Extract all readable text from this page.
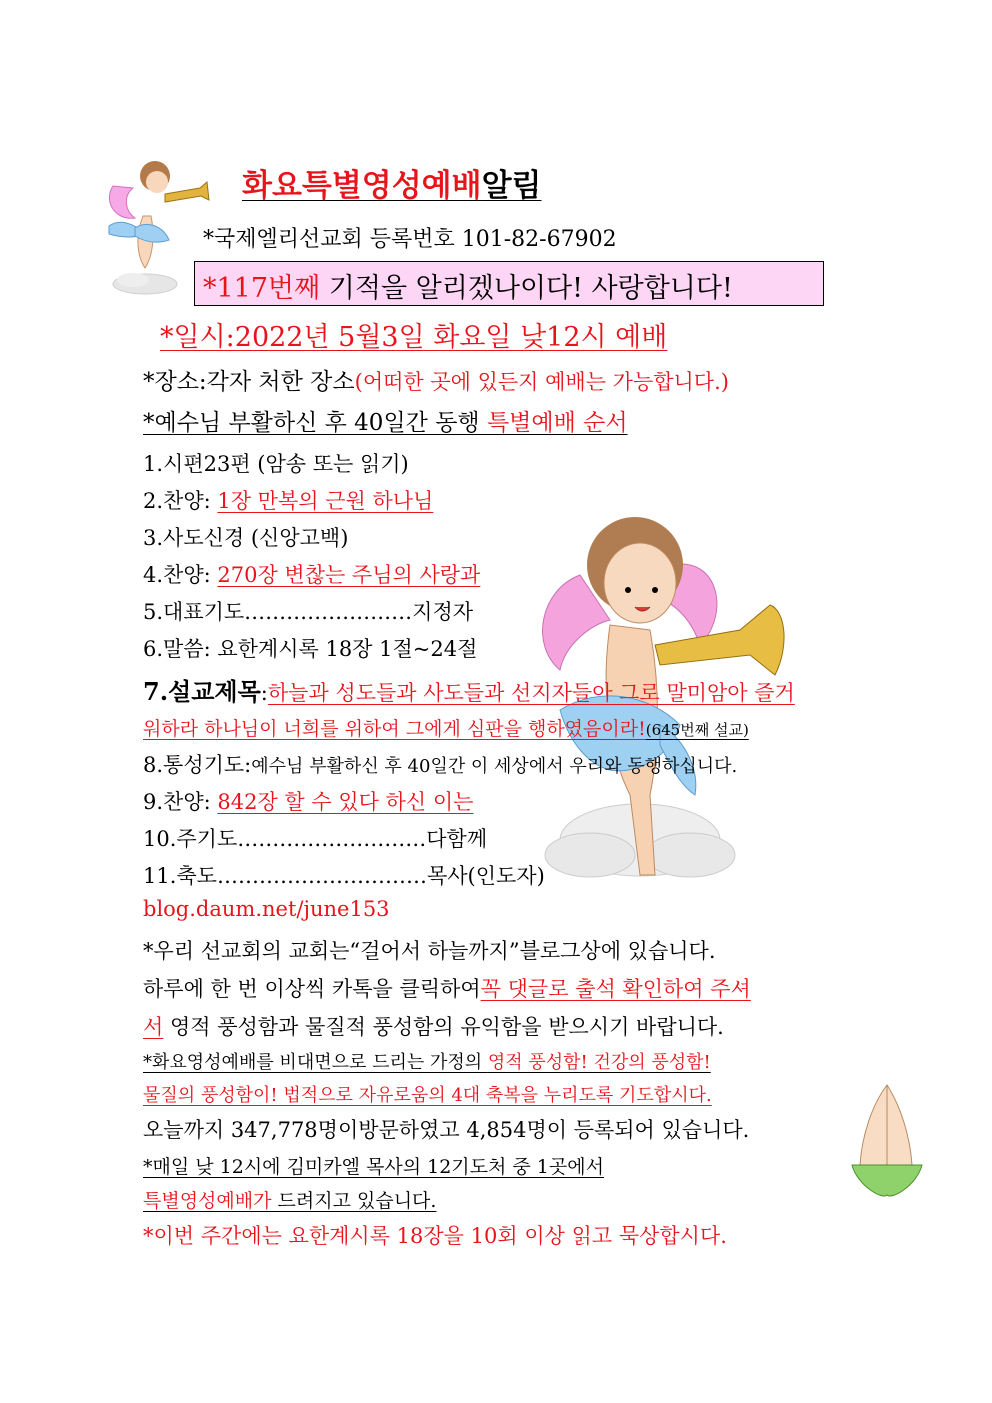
화요특별영성예배알림
*국제엘리선교회 등록번호 101-82-67902
*117번째 기적을 알리겠나이다! 사랑합니다!
*일시:2022년 5월3일 화요일 낮12시 예배
*장소:각자 처한 장소(어떠한 곳에 있든지 예배는 가능합니다.)
*예수님 부활하신 후 40일간 동행 특별예배 순서
1.시편23편 (암송 또는 읽기)
2.찬양: 1장 만복의 근원 하나님
3.사도신경 (신앙고백)
4.찬양: 270장 변찮는 주님의 사랑과
5.대표기도……………………지정자
6.말씀: 요한계시록 18장 1절~24절
7.설교제목:하늘과 성도들과 사도들과 선지자들아 그로 말미암아 즐거
워하라 하나님이 너희를 위하여 그에게 심판을 행하였음이라!(645번째 설교)
8.통성기도:예수님 부활하신 후 40일간 이 세상에서 우리와 동행하십니다.
9.찬양: 842장 할 수 있다 하신 이는
10.주기도………………………다함께
11.축도…………………………목사(인도자)
blog.daum.net/june153
*우리 선교회의 교회는“걸어서 하늘까지”블로그상에 있습니다.
하루에 한 번 이상씩 카톡을 클릭하여꼭 댓글로 출석 확인하여 주셔
서 영적 풍성함과 물질적 풍성함의 유익함을 받으시기 바랍니다.
*화요영성예배를 비대면으로 드리는 가정의 영적 풍성함! 건강의 풍성함!
물질의 풍성함이! 법적으로 자유로움의 4대 축복을 누리도록 기도합시다.
오늘까지 347,778명이방문하였고 4,854명이 등록되어 있습니다.
*매일 낮 12시에 김미카엘 목사의 12기도처 중 1곳에서
특별영성예배가 드려지고 있습니다.
*이번 주간에는 요한계시록 18장을 10회 이상 읽고 묵상합시다.
